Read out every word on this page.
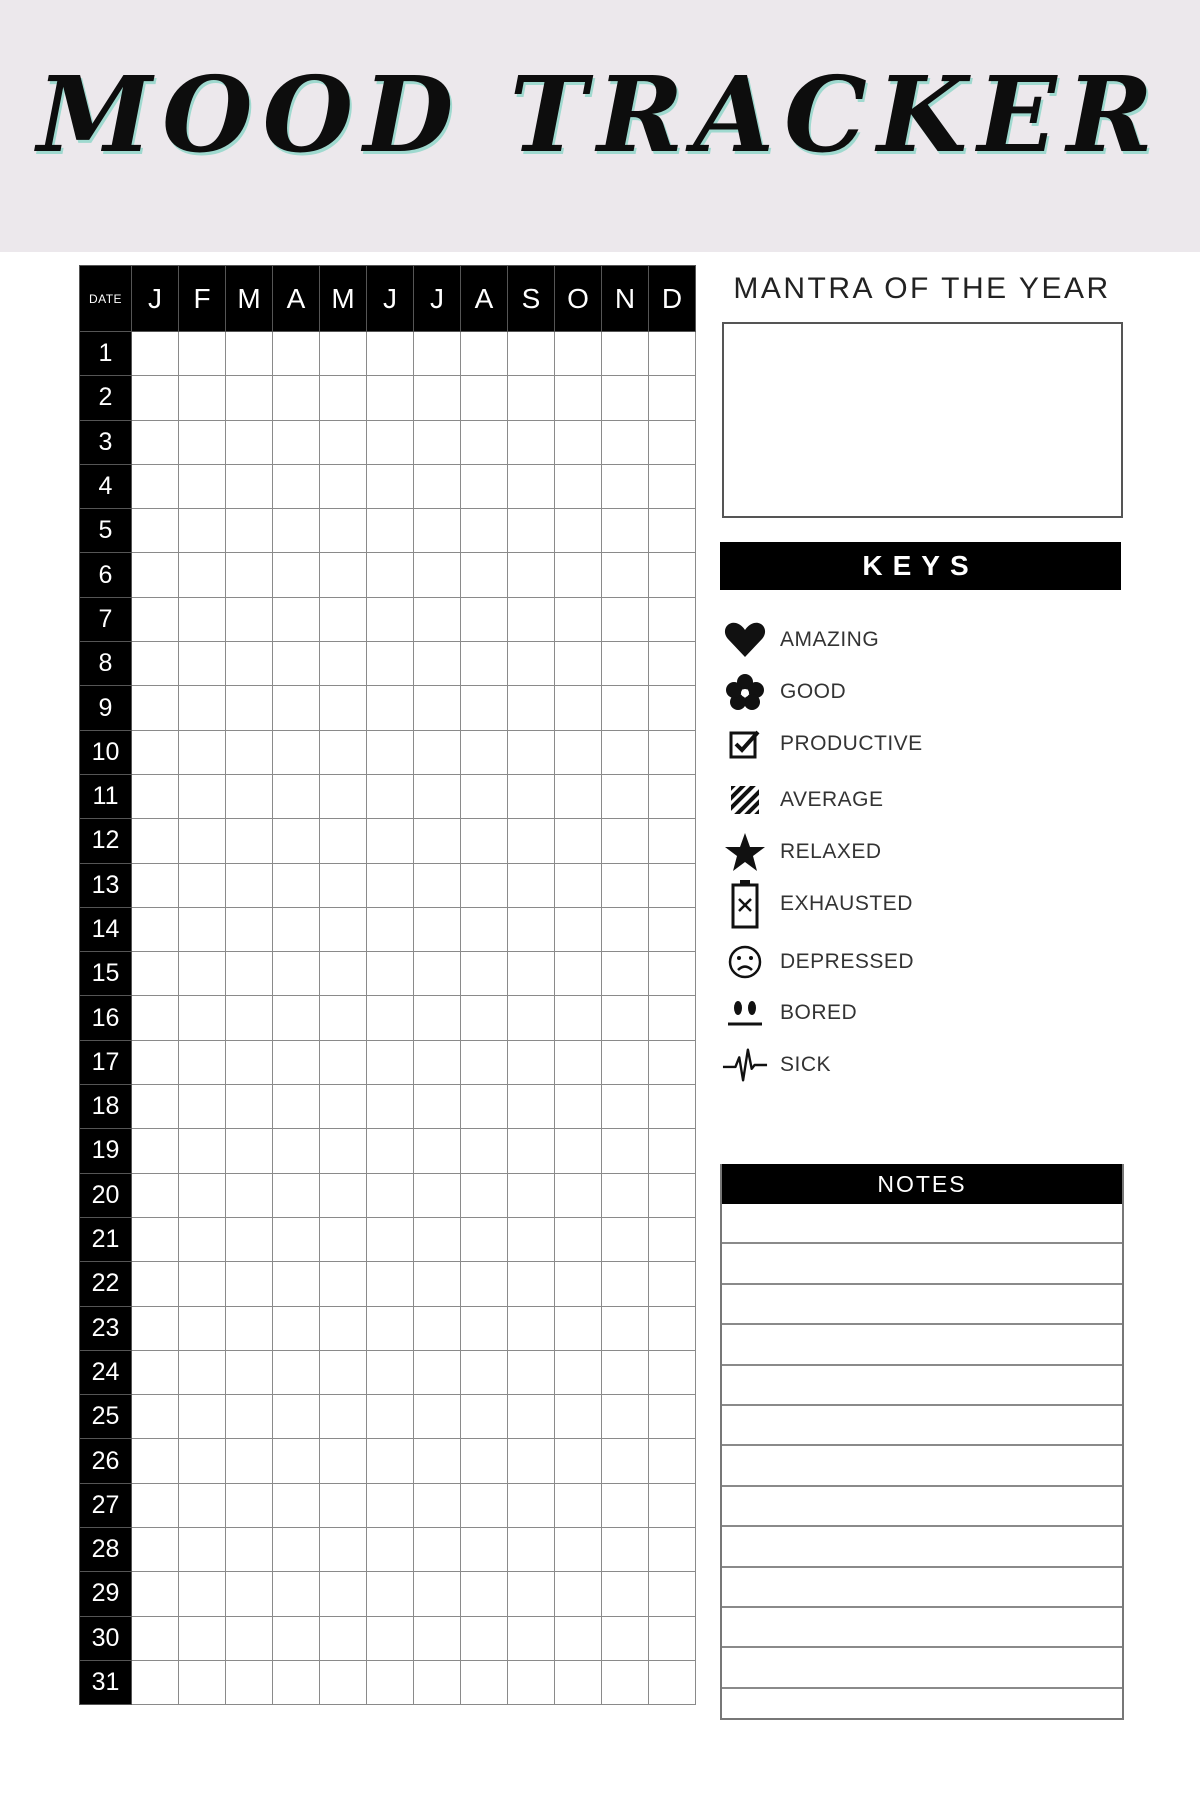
MOOD TRACKER
DATE	J	F	M	A	M	J	J	A	S	O	N	D
1												
2												
3												
4												
5												
6												
7												
8												
9												
10												
11												
12												
13												
14												
15												
16												
17												
18												
19												
20												
21												
22												
23												
24												
25												
26												
27												
28												
29												
30												
31												
MANTRA OF THE YEAR
KEYS
AMAZING
GOOD
PRODUCTIVE
AVERAGE
RELAXED
EXHAUSTED
DEPRESSED
BORED
SICK
NOTES
